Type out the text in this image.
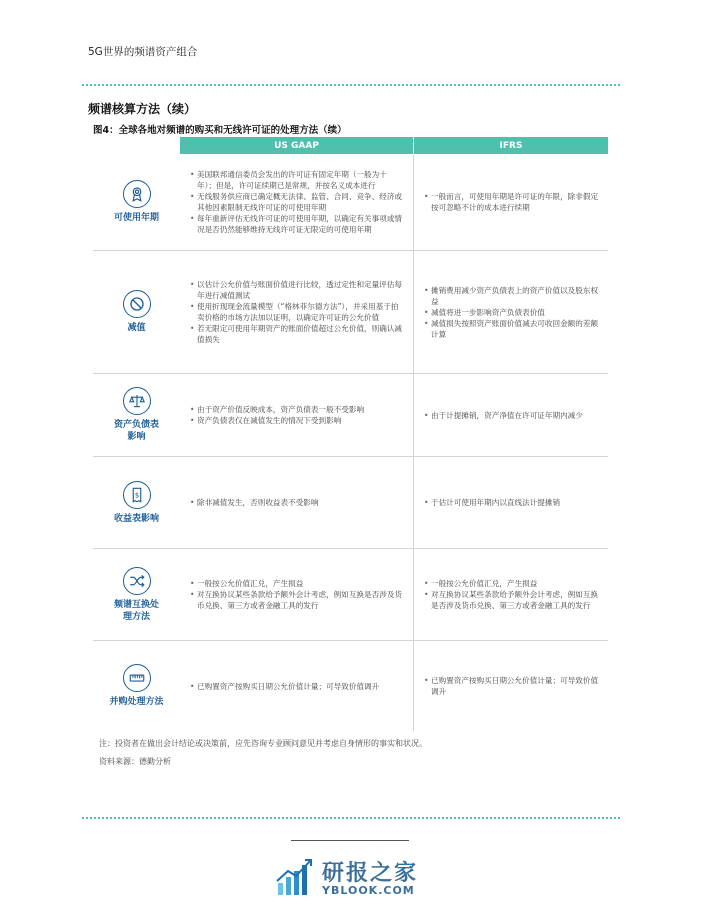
5G世界的频谱资产组合
频谱核算方法（续）
图4：全球各地对频谱的购买和无线许可证的处理方法（续）
US GAAP	IFRS
可使用年期
• 美国联邦通信委员会发出的许可证有固定年期（一般为十年）；但是，许可证续期已是常规，并按名义成本进行
• 无线服务供应商已确定概无法律、监管、合同、竞争、经济或其他因素限制无线许可证的可使用年期
• 每年重新评估无线许可证的可使用年期，以确定有关事项或情况是否仍然能够维持无线许可证无限定的可使用年期
• 一般而言，可使用年期是许可证的年限，除非假定按可忽略不计的成本进行续期
减值
• 以估计公允价值与账面价值进行比较，透过定性和定量评估每年进行减值测试
• 使用折现现金流量模型（“格林菲尔德方法”），并采用基于拍卖价格的市场方法加以证明，以确定许可证的公允价值
• 若无限定可使用年期资产的账面价值超过公允价值，则确认减值损失
• 摊销费用减少资产负债表上的资产价值以及股东权益
• 减值将进一步影响资产负债表价值
• 减值损失按照资产账面价值减去可收回金额的差额计算
资产负债表影响
• 由于资产价值反映成本，资产负债表一般不受影响
• 资产负债表仅在减值发生的情况下受到影响
• 由于计提摊销，资产净值在许可证年期内减少
$
收益表影响
• 除非减值发生，否则收益表不受影响
•	于估计可使用年期内以直线法计提摊销
频谱互换处理方法
• 一般按公允价值汇兑，产生损益
• 对互换协议某些条款给予额外会计考虑，例如互换是否涉及货币兑换、第三方或者金融工具的发行
• 一般按公允价值汇兑，产生损益
• 对互换协议某些条款给予额外会计考虑，例如互换是否涉及货币兑换、第三方或者金融工具的发行
并购处理方法
• 已购置资产按购买日期公允价值计量；可导致价值调升
• 已购置资产按购买日期公允价值计量；可导致价值调升
注：投资者在做出会计结论或决策前，应先咨询专业顾问意见并考虑自身情形的事实和状况。
资料来源：德勤分析
研报之家
YBLOOK.COM
